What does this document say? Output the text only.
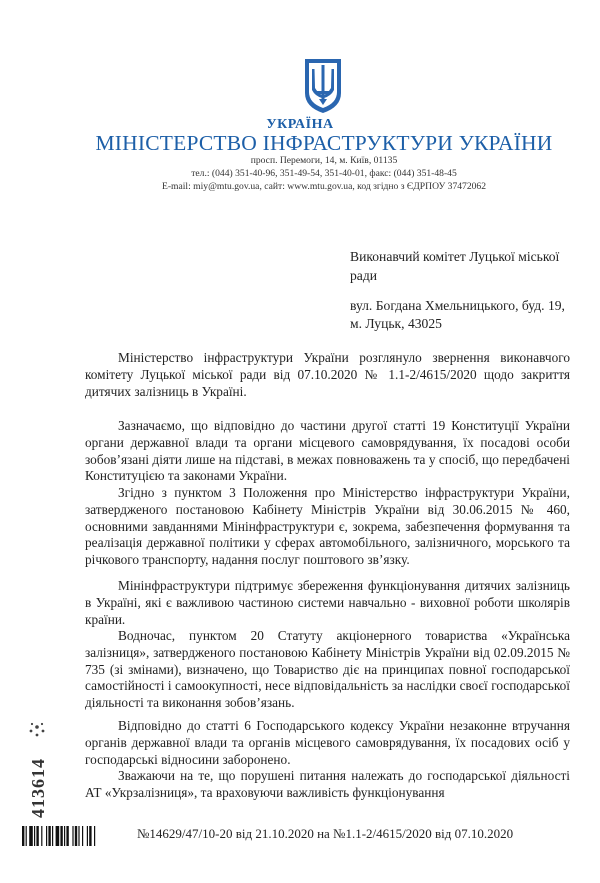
УКРАЇНА
МІНІСТЕРСТВО ІНФРАСТРУКТУРИ УКРАЇНИ
просп. Перемоги, 14, м. Київ, 01135
тел.: (044) 351-40-96, 351-49-54, 351-40-01, факс: (044) 351-48-45
E-mail: miy@mtu.gov.ua, сайт: www.mtu.gov.ua, код згідно з ЄДРПОУ 37472062
Виконавчий комітет Луцької міської
ради
вул. Богдана Хмельницького, буд. 19,
м. Луцьк, 43025
Міністерство інфраструктури України розглянуло звернення виконавчого комітету Луцької міської ради від 07.10.2020 № 1.1-2/4615/2020 щодо закриття дитячих залізниць в Україні.
Зазначаємо, що відповідно до частини другої статті 19 Конституції України органи державної влади та органи місцевого самоврядування, їх посадові особи зобов’язані діяти лише на підставі, в межах повноважень та у спосіб, що передбачені Конституцією та законами України.
Згідно з пунктом 3 Положення про Міністерство інфраструктури України, затвердженого постановою Кабінету Міністрів України від 30.06.2015 № 460, основними завданнями Мінінфраструктури є, зокрема, забезпечення формування та реалізація державної політики у сферах автомобільного, залізничного, морського та річкового транспорту, надання послуг поштового зв’язку.
Мінінфраструктури підтримує збереження функціонування дитячих залізниць в Україні, які є важливою частиною системи навчально - виховної роботи школярів країни.
Водночас, пунктом 20 Статуту акціонерного товариства «Українська залізниця», затвердженого постановою Кабінету Міністрів України від 02.09.2015 № 735 (зі змінами), визначено, що Товариство діє на принципах повної господарської самостійності і самоокупності, несе відповідальність за наслідки своєї господарської діяльності та виконання зобов’язань.
Відповідно до статті 6 Господарського кодексу України незаконне втручання органів державної влади та органів місцевого самоврядування, їх посадових осіб у господарські відносини заборонено.
Зважаючи на те, що порушені питання належать до господарської діяльності АТ «Укрзалізниця», та враховуючи важливість функціонування
413614
№14629/47/10-20 від 21.10.2020 на №1.1-2/4615/2020 від 07.10.2020
